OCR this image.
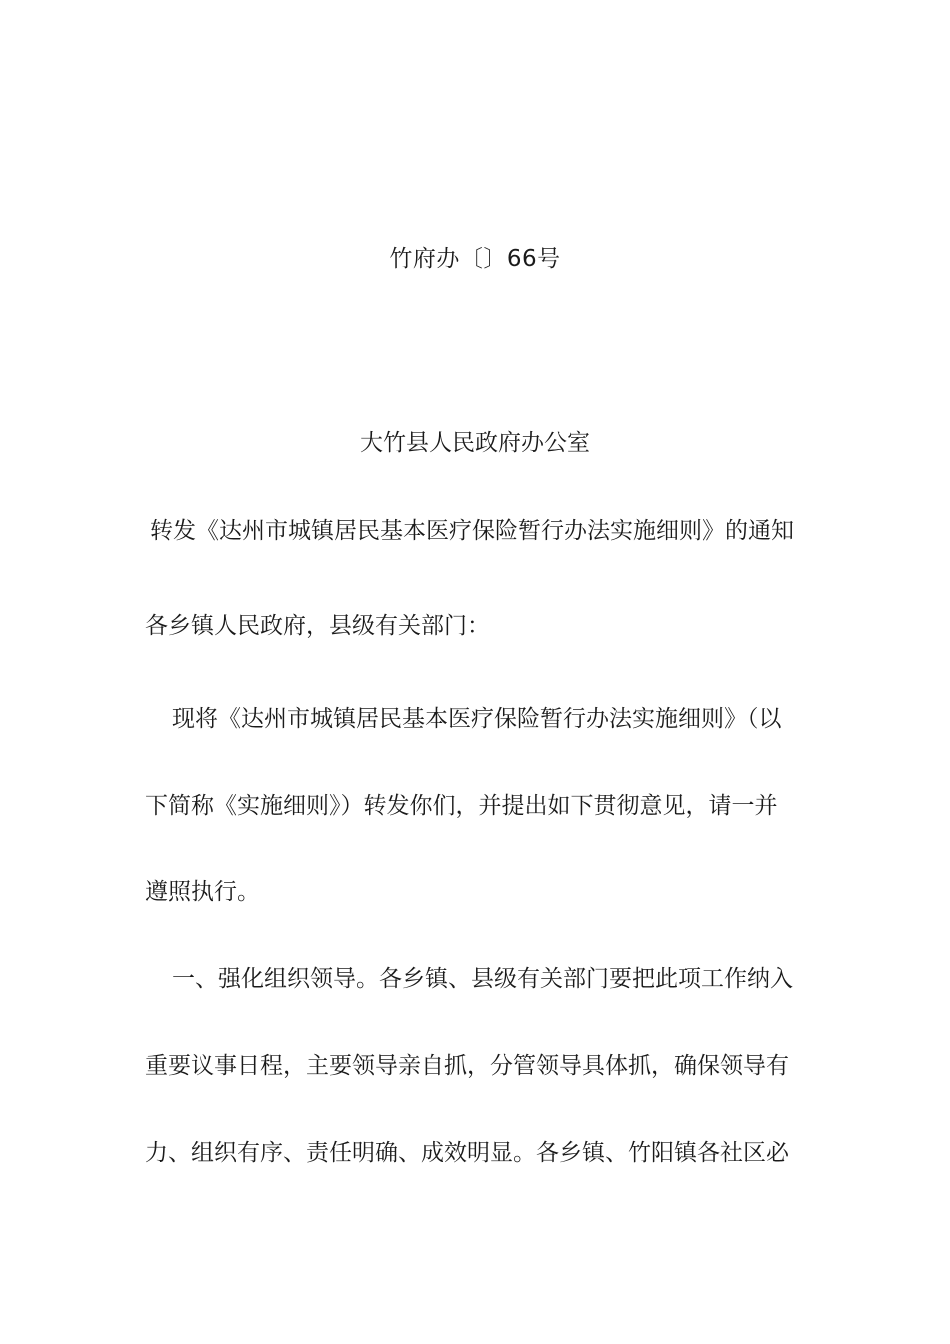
竹府办〔〕66号
大竹县人民政府办公室
转发《达州市城镇居民基本医疗保险暂行办法实施细则》的通知
各乡镇人民政府，县级有关部门：
现将《达州市城镇居民基本医疗保险暂行办法实施细则》（以
下简称《实施细则》）转发你们，并提出如下贯彻意见，请一并
遵照执行。
一、强化组织领导。各乡镇、县级有关部门要把此项工作纳入
重要议事日程，主要领导亲自抓，分管领导具体抓，确保领导有
力、组织有序、责任明确、成效明显。各乡镇、竹阳镇各社区必
